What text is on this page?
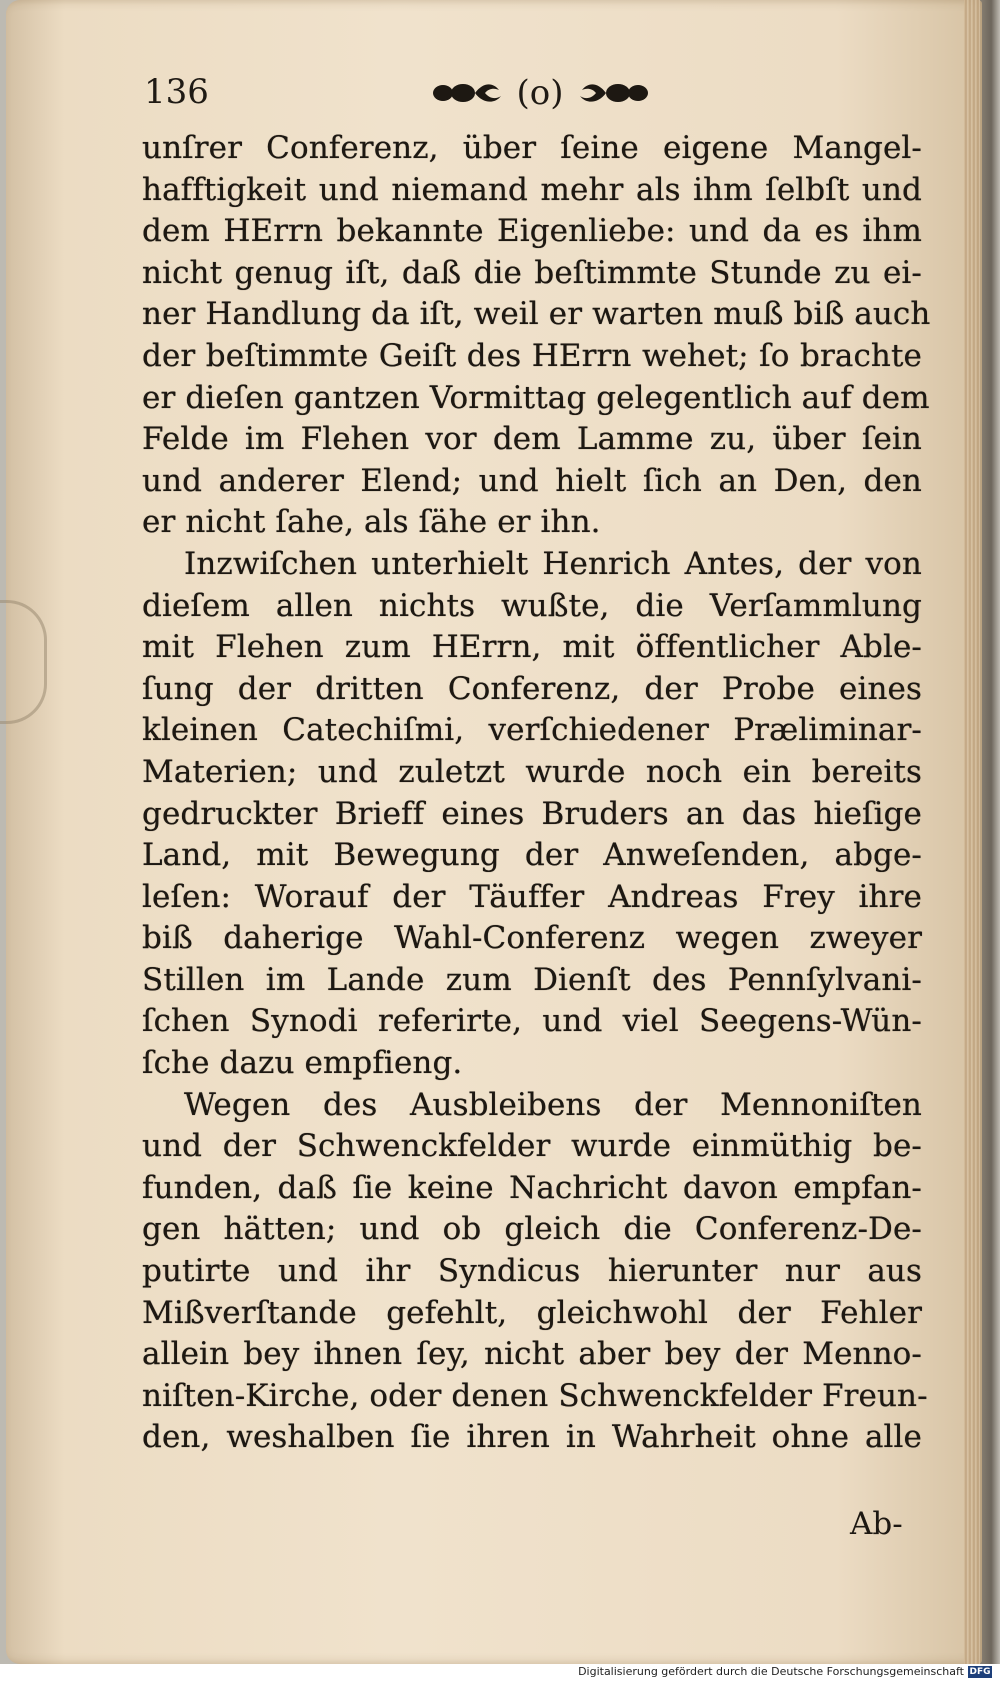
136	(o)
unſrer Conferenz, über ſeine eigene Mangel-
hafftigkeit und niemand mehr als ihm ſelbſt und
dem HErrn bekannte Eigenliebe: und da es ihm
nicht genug iſt, daß die beſtimmte Stunde zu ei-
ner Handlung da iſt, weil er warten muß biß auch
der beſtimmte Geiſt des HErrn wehet; ſo brachte
er dieſen gantzen Vormittag gelegentlich auf dem
Felde im Flehen vor dem Lamme zu, über ſein
und anderer Elend; und hielt ſich an Den, den
er nicht ſahe, als ſähe er ihn.
Inzwiſchen unterhielt Henrich Antes, der von
dieſem allen nichts wußte, die Verſammlung
mit Flehen zum HErrn, mit öffentlicher Able-
ſung der dritten Conferenz, der Probe eines
kleinen Catechiſmi, verſchiedener Præliminar-
Materien; und zuletzt wurde noch ein bereits
gedruckter Brieff eines Bruders an das hieſige
Land, mit Bewegung der Anweſenden, abge-
leſen: Worauf der Täuffer Andreas Frey ihre
biß daherige Wahl-Conferenz wegen zweyer
Stillen im Lande zum Dienſt des Pennſylvani-
ſchen Synodi referirte, und viel Seegens-Wün-
ſche dazu empfieng.
Wegen des Ausbleibens der Mennoniſten
und der Schwenckfelder wurde einmüthig be-
funden, daß ſie keine Nachricht davon empfan-
gen hätten; und ob gleich die Conferenz-De-
putirte und ihr Syndicus hierunter nur aus
Mißverſtande gefehlt, gleichwohl der Fehler
allein bey ihnen ſey, nicht aber bey der Menno-
niſten-Kirche, oder denen Schwenckfelder Freun-
den, weshalben ſie ihren in Wahrheit ohne alle
Ab-
Digitalisierung gefördert durch die Deutsche Forschungsgemeinschaft DFG
